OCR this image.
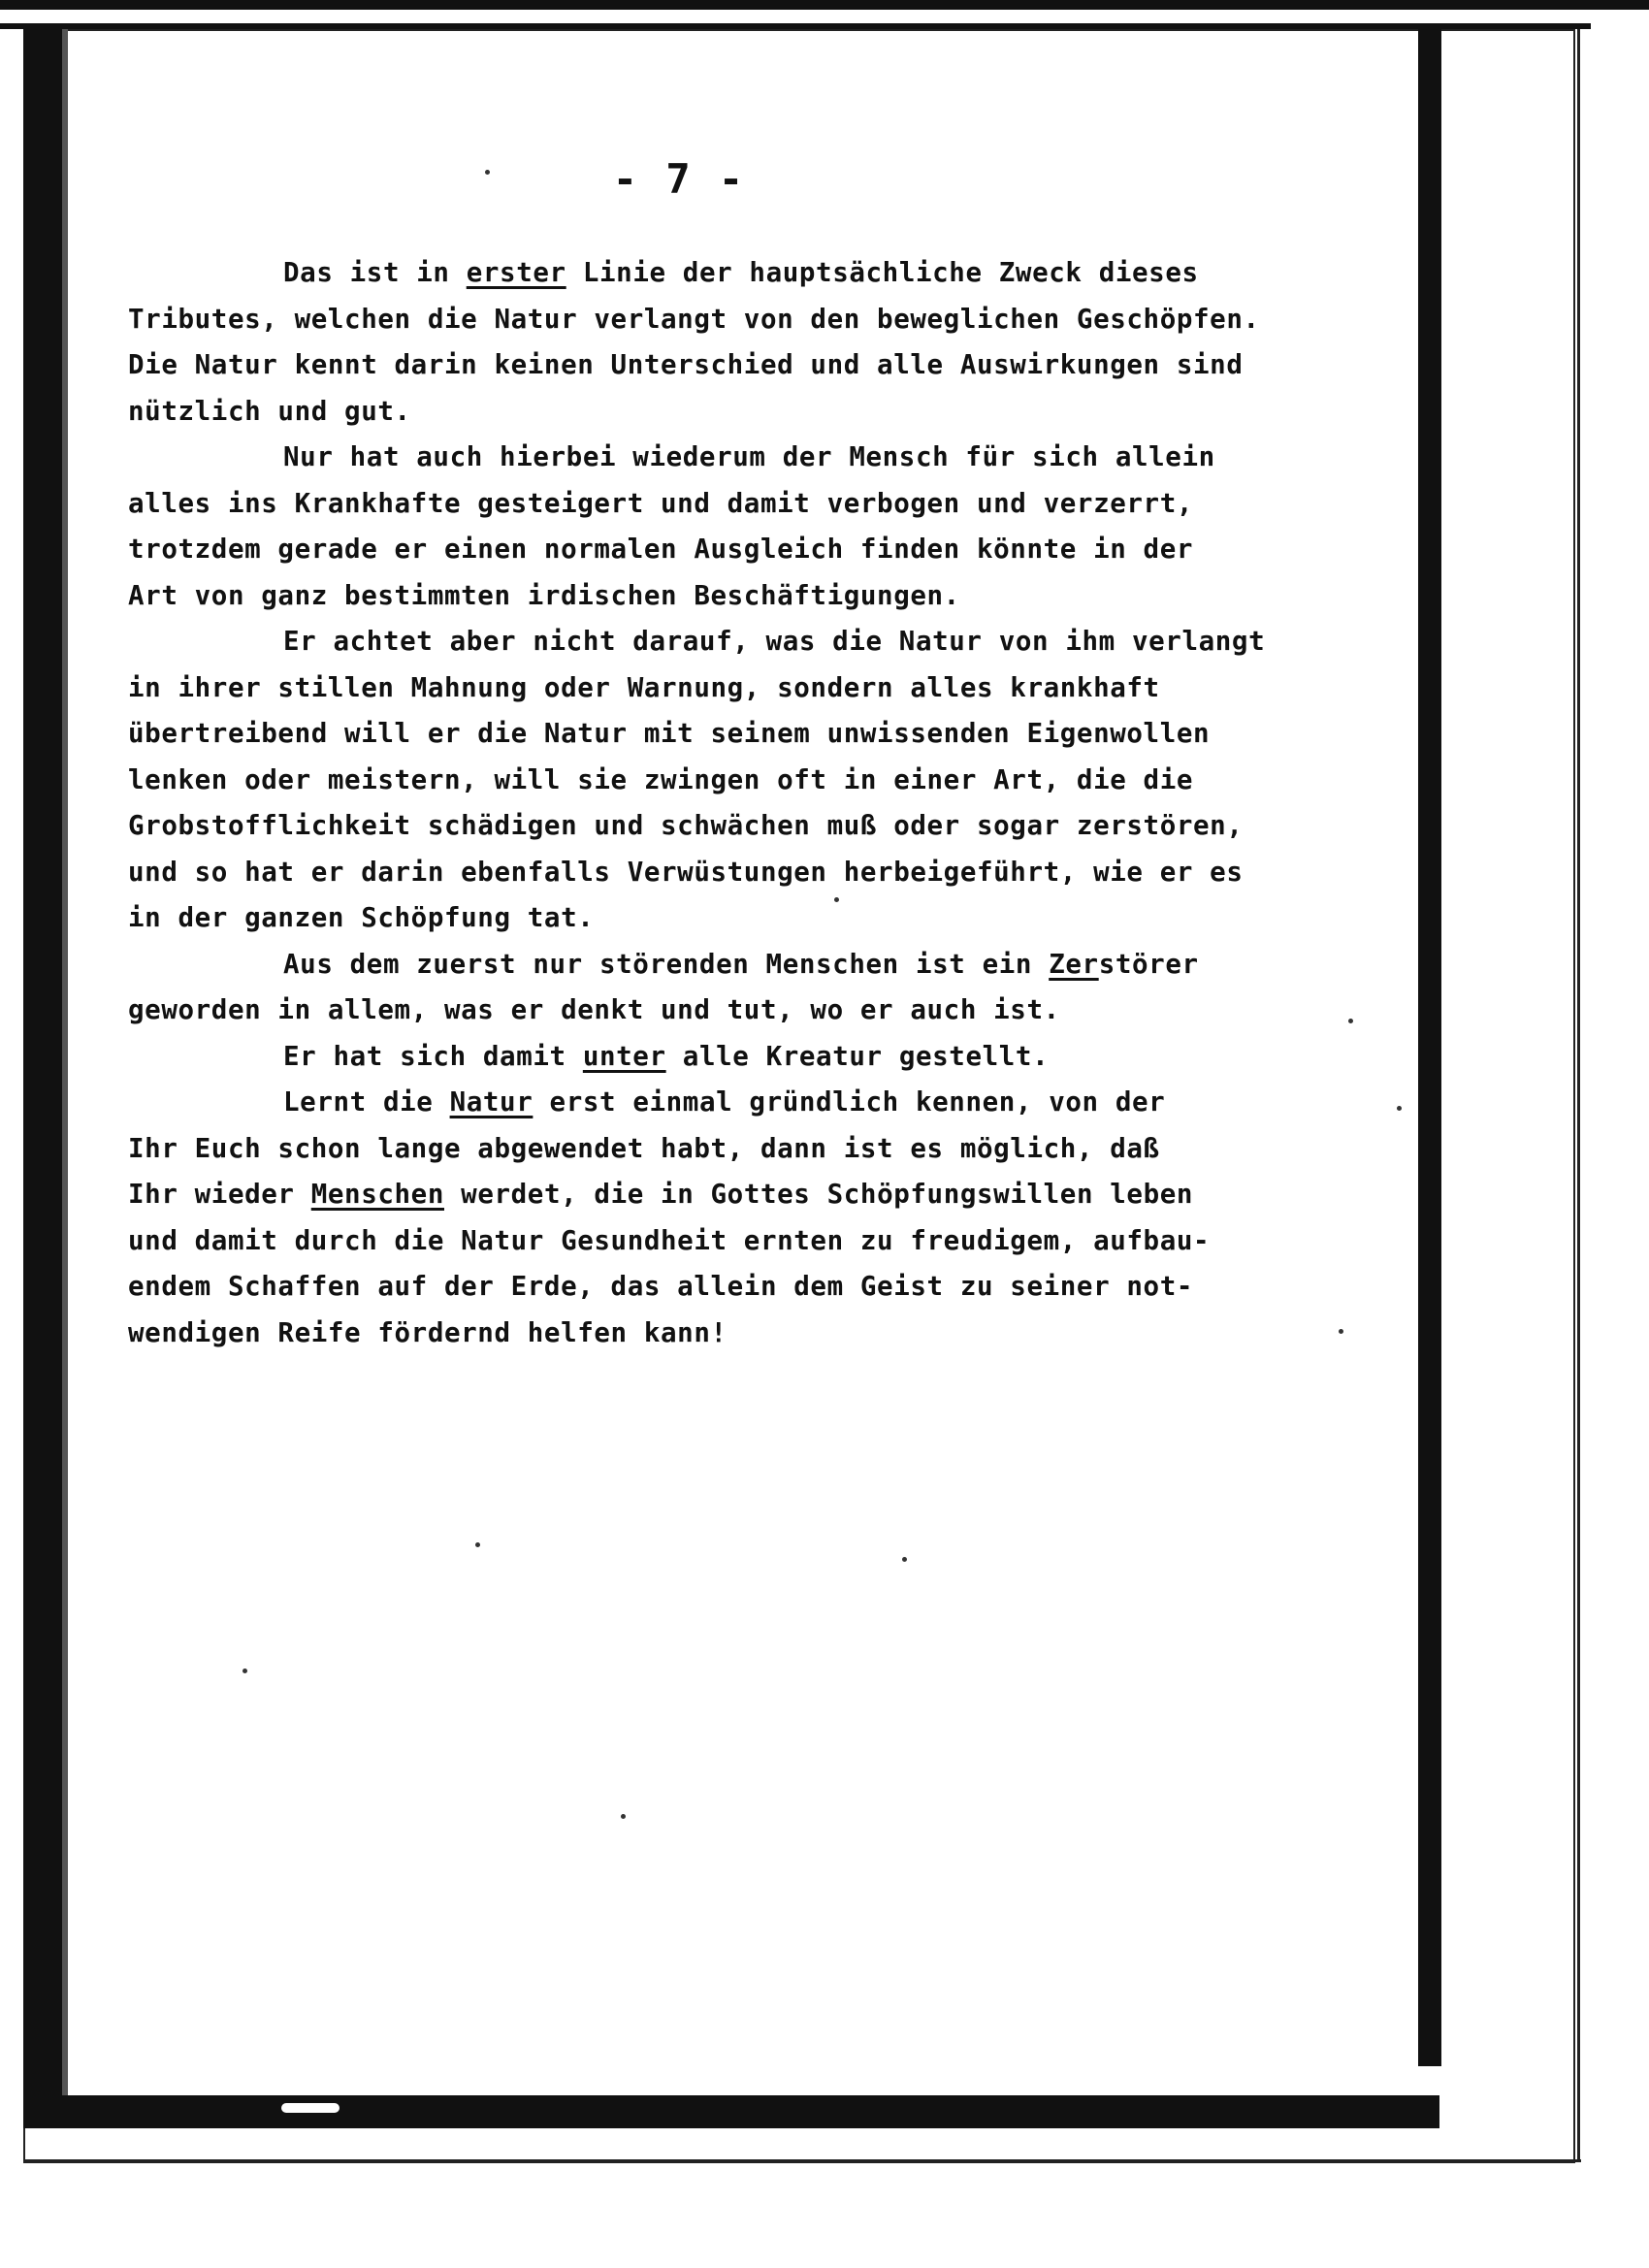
- 7 -
Das ist in erster Linie der hauptsächliche Zweck dieses
Tributes, welchen die Natur verlangt von den beweglichen Geschöpfen.
Die Natur kennt darin keinen Unterschied und alle Auswirkungen sind
nützlich und gut.
Nur hat auch hierbei wiederum der Mensch für sich allein
alles ins Krankhafte gesteigert und damit verbogen und verzerrt,
trotzdem gerade er einen normalen Ausgleich finden könnte in der
Art von ganz bestimmten irdischen Beschäftigungen.
Er achtet aber nicht darauf, was die Natur von ihm verlangt
in ihrer stillen Mahnung oder Warnung, sondern alles krankhaft
übertreibend will er die Natur mit seinem unwissenden Eigenwollen
lenken oder meistern, will sie zwingen oft in einer Art, die die
Grobstofflichkeit schädigen und schwächen muß oder sogar zerstören,
und so hat er darin ebenfalls Verwüstungen herbeigeführt, wie er es
in der ganzen Schöpfung tat.
Aus dem zuerst nur störenden Menschen ist ein Zerstörer
geworden in allem, was er denkt und tut, wo er auch ist.
Er hat sich damit unter alle Kreatur gestellt.
Lernt die Natur erst einmal gründlich kennen, von der
Ihr Euch schon lange abgewendet habt, dann ist es möglich, daß
Ihr wieder Menschen werdet, die in Gottes Schöpfungswillen leben
und damit durch die Natur Gesundheit ernten zu freudigem, aufbau-
endem Schaffen auf der Erde, das allein dem Geist zu seiner not-
wendigen Reife fördernd helfen kann!
